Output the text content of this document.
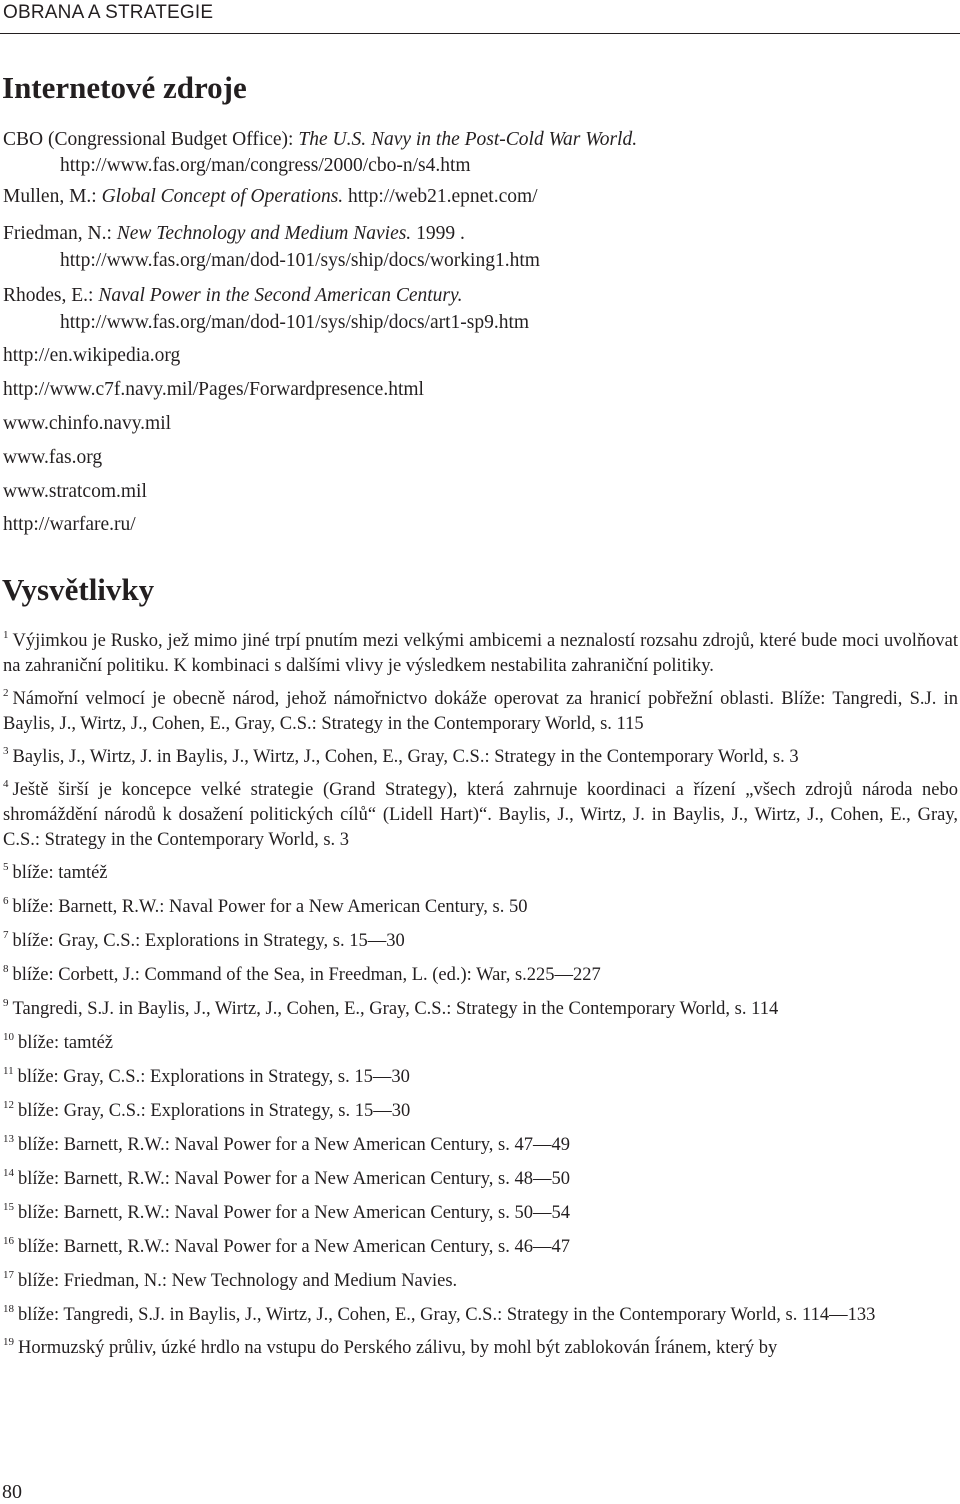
OBRANA A STRATEGIE
Internetové zdroje
CBO (Congressional Budget Office): The U.S. Navy in the Post-Cold War World.
http://www.fas.org/man/congress/2000/cbo-n/s4.htm
Mullen, M.: Global Concept of Operations. http://web21.epnet.com/
Friedman, N.: New Technology and Medium Navies. 1999 .
http://www.fas.org/man/dod-101/sys/ship/docs/working1.htm
Rhodes, E.: Naval Power in the Second American Century.
http://www.fas.org/man/dod-101/sys/ship/docs/art1-sp9.htm
http://en.wikipedia.org
http://www.c7f.navy.mil/Pages/Forwardpresence.html
www.chinfo.navy.mil
www.fas.org
www.stratcom.mil
http://warfare.ru/
Vysvětlivky

$^1$ Výjimkou je Rusko, jež mimo jiné trpí pnutím mezi velkými ambicemi a neznalostí rozsahu zdrojů, které bude moci uvolňovat na zahraniční politiku. K kombinaci s dalšími vlivy je výsledkem nestabilita zahraniční politiky.

$^2$ Námořní velmocí je obecně národ, jehož námořnictvo dokáže operovat za hranicí pobřežní oblasti. Blíže: Tangredi, S.J. in Baylis, J., Wirtz, J., Cohen, E., Gray, C.S.: Strategy in the Contemporary World, s. 115

$^3$ Baylis, J., Wirtz, J. in Baylis, J., Wirtz, J., Cohen, E., Gray, C.S.: Strategy in the Contemporary World, s. 3

$^4$ Ještě širší je koncepce velké strategie (Grand Strategy), která zahrnuje koordinaci a řízení „všech zdrojů národa nebo shromáždění národů k dosažení politických cílů“ (Lidell Hart)“. Baylis, J., Wirtz, J. in Baylis, J., Wirtz, J., Cohen, E., Gray, C.S.: Strategy in the Contemporary World, s. 3

$^5$ blíže: tamtéž

$^6$ blíže: Barnett, R.W.: Naval Power for a New American Century, s. 50

$^7$ blíže: Gray, C.S.: Explorations in Strategy, s. 15—30

$^8$ blíže: Corbett, J.: Command of the Sea, in Freedman, L. (ed.): War, s.225—227

$^9$ Tangredi, S.J. in Baylis, J., Wirtz, J., Cohen, E., Gray, C.S.: Strategy in the Contemporary World, s. 114

$^{10}$ blíže: tamtéž

$^{11}$ blíže: Gray, C.S.: Explorations in Strategy, s. 15—30

$^{12}$ blíže: Gray, C.S.: Explorations in Strategy, s. 15—30

$^{13}$ blíže: Barnett, R.W.: Naval Power for a New American Century, s. 47—49

$^{14}$ blíže: Barnett, R.W.: Naval Power for a New American Century, s. 48—50

$^{15}$ blíže: Barnett, R.W.: Naval Power for a New American Century, s. 50—54

$^{16}$ blíže: Barnett, R.W.: Naval Power for a New American Century, s. 46—47

$^{17}$ blíže: Friedman, N.: New Technology and Medium Navies.

$^{18}$ blíže: Tangredi, S.J. in Baylis, J., Wirtz, J., Cohen, E., Gray, C.S.: Strategy in the Contemporary World, s. 114—133

$^{19}$ Hormuzský průliv, úzké hrdlo na vstupu do Perského zálivu, by mohl být zablokován Íránem, který by

80
